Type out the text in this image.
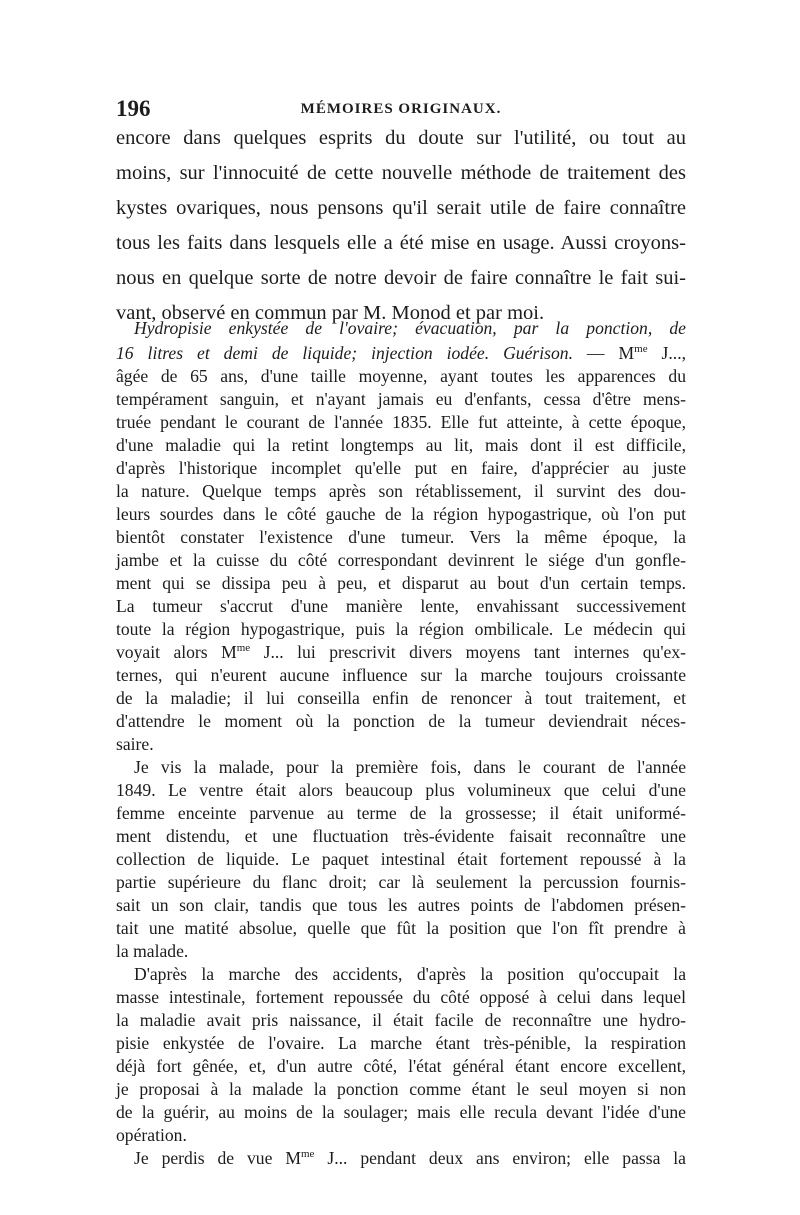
196	MÉMOIRES ORIGINAUX.
encore dans quelques esprits du doute sur l'utilité, ou tout au
moins, sur l'innocuité de cette nouvelle méthode de traitement des
kystes ovariques, nous pensons qu'il serait utile de faire connaître
tous les faits dans lesquels elle a été mise en usage. Aussi croyons-
nous en quelque sorte de notre devoir de faire connaître le fait sui-
vant, observé en commun par M. Monod et par moi.
Hydropisie enkystée de l'ovaire; évacuation, par la ponction, de
16 litres et demi de liquide; injection iodée. Guérison. — $M^{me}$ J...,
âgée de 65 ans, d'une taille moyenne, ayant toutes les apparences du
tempérament sanguin, et n'ayant jamais eu d'enfants, cessa d'être mens-
truée pendant le courant de l'année 1835. Elle fut atteinte, à cette époque,
d'une maladie qui la retint longtemps au lit, mais dont il est difficile,
d'après l'historique incomplet qu'elle put en faire, d'apprécier au juste
la nature. Quelque temps après son rétablissement, il survint des dou-
leurs sourdes dans le côté gauche de la région hypogastrique, où l'on put
bientôt constater l'existence d'une tumeur. Vers la même époque, la
jambe et la cuisse du côté correspondant devinrent le siége d'un gonfle-
ment qui se dissipa peu à peu, et disparut au bout d'un certain temps.
La tumeur s'accrut d'une manière lente, envahissant successivement
toute la région hypogastrique, puis la région ombilicale. Le médecin qui
voyait alors $M^{me}$ J... lui prescrivit divers moyens tant internes qu'ex-
ternes, qui n'eurent aucune influence sur la marche toujours croissante
de la maladie; il lui conseilla enfin de renoncer à tout traitement, et
d'attendre le moment où la ponction de la tumeur deviendrait néces-
saire.
Je vis la malade, pour la première fois, dans le courant de l'année
1849. Le ventre était alors beaucoup plus volumineux que celui d'une
femme enceinte parvenue au terme de la grossesse; il était uniformé-
ment distendu, et une fluctuation très-évidente faisait reconnaître une
collection de liquide. Le paquet intestinal était fortement repoussé à la
partie supérieure du flanc droit; car là seulement la percussion fournis-
sait un son clair, tandis que tous les autres points de l'abdomen présen-
tait une matité absolue, quelle que fût la position que l'on fît prendre à
la malade.
D'après la marche des accidents, d'après la position qu'occupait la
masse intestinale, fortement repoussée du côté opposé à celui dans lequel
la maladie avait pris naissance, il était facile de reconnaître une hydro-
pisie enkystée de l'ovaire. La marche étant très-pénible, la respiration
déjà fort gênée, et, d'un autre côté, l'état général étant encore excellent,
je proposai à la malade la ponction comme étant le seul moyen si non
de la guérir, au moins de la soulager; mais elle recula devant l'idée d'une
opération.
Je perdis de vue $M^{me}$ J... pendant deux ans environ; elle passa la
